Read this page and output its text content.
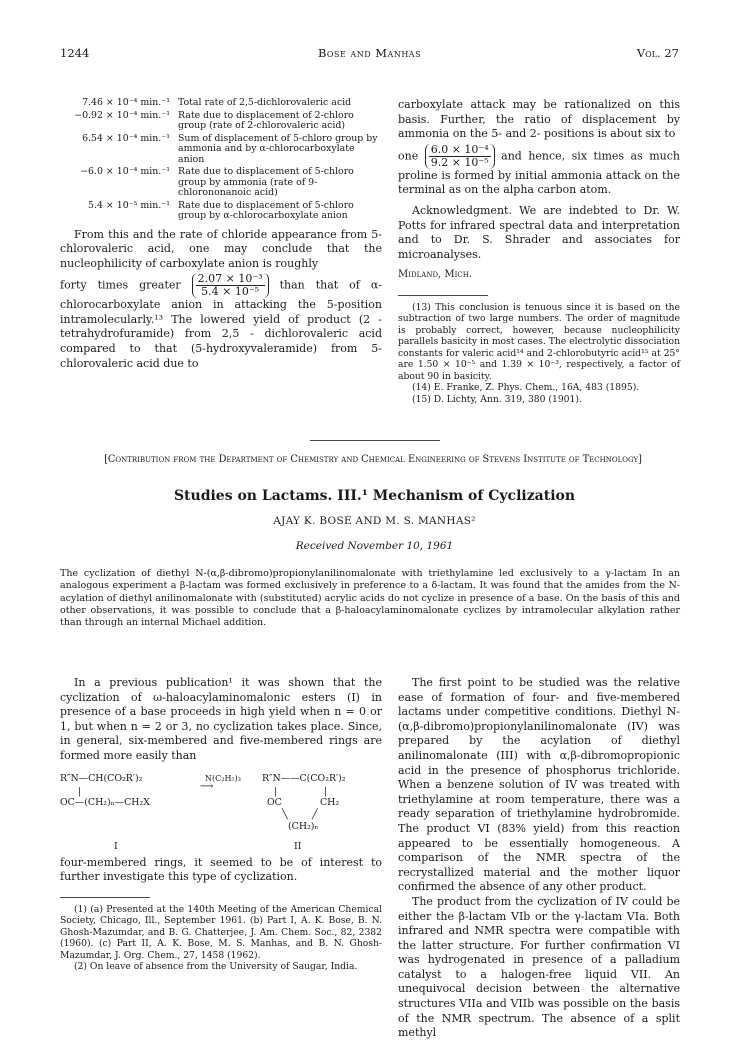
1244	Bose and Manhas	Vol. 27
7.46 × 10⁻⁴ min.⁻¹ Total rate of 2,5-dichlorovaleric acid
−0.92 × 10⁻⁴ min.⁻¹ Rate due to displacement of 2-chloro group (rate of 2-chlorovaleric acid)
6.54 × 10⁻⁴ min.⁻¹ Sum of displacement of 5-chloro group by ammonia and by α-chlorocarboxylate anion
−6.0 × 10⁻⁴ min.⁻¹ Rate due to displacement of 5-chloro group by ammonia (rate of 9-chlorononanoic acid)
5.4 × 10⁻⁵ min.⁻¹ Rate due to displacement of 5-chloro group by α-chlorocarboxylate anion

From this and the rate of chloride appearance from 5-chlorovaleric acid, one may conclude that the nucleophilicity of carboxylate anion is roughly

forty times greater $\frac{\text{2.07 × 10⁻³}}{\text{5.4 × 10⁻⁵}}$ than that of α-chlorocarboxylate anion in attacking the 5-position intramolecularly.¹³ The lowered yield of product (2 - tetrahydrofuramide) from 2,5 - dichlorovaleric acid compared to that (5-hydroxyvaleramide) from 5-chlorovaleric acid due to

carboxylate attack may be rationalized on this basis. Further, the ratio of displacement by ammonia on the 5- and 2- positions is about six to

one $\frac{\text{6.0 × 10⁻⁴}}{\text{9.2 × 10⁻⁵}}$ and hence, six times as much proline is formed by initial ammonia attack on the terminal as on the alpha carbon atom.

Acknowledgment. We are indebted to Dr. W. Potts for infrared spectral data and interpretation and to Dr. S. Shrader and associates for microanalyses.

Midland, Mich.

(13) This conclusion is tenuous since it is based on the subtraction of two large numbers. The order of magnitude is probably correct, however, because nucleophilicity parallels basicity in most cases. The electrolytic dissociation constants for valeric acid¹⁴ and 2-chlorobutyric acid¹⁵ at 25° are 1.50 × 10⁻⁵ and 1.39 × 10⁻³, respectively, a factor of about 90 in basicity.

(14) E. Franke, Z. Phys. Chem., 16A, 483 (1895).

(15) D. Lichty, Ann. 319, 380 (1901).

[Contribution from the Department of Chemistry and Chemical Engineering of Stevens Institute of Technology]
Studies on Lactams. III.¹ Mechanism of Cyclization
AJAY K. BOSE AND M. S. MANHAS²
Received November 10, 1961
The cyclization of diethyl N-(α,β-dibromo)propionylanilinomalonate with triethylamine led exclusively to a γ-lactam In an analogous experiment a β-lactam was formed exclusively in preference to a δ-lactam. It was found that the amides from the N-acylation of diethyl anilinomalonate with (substituted) acrylic acids do not cyclize in presence of a base. On the basis of this and other observations, it was possible to conclude that a β-haloacylaminomalonate cyclizes by intramolecular alkylation rather than through an internal Michael addition.

In a previous publication¹ it was shown that the cyclization of ω-haloacylaminomalonic esters (I) in presence of a base proceeds in high yield when n = 0 or 1, but when n = 2 or 3, no cyclization takes place. Since, in general, six-membered and five-membered rings are formed more easily than

R″N—CH(CO₂R′)₂
|
OC—(CH₂)ₙ—CH₂X
N(C₂H₅)₃
⟶
R″N——C(CO₂R′)₂
|	|
OC	CH₂
╲	╱
(CH₂)ₙ
I	II

four-membered rings, it seemed to be of interest to further investigate this type of cyclization.

(1) (a) Presented at the 140th Meeting of the American Chemical Society, Chicago, Ill., September 1961. (b) Part I, A. K. Bose, B. N. Ghosh-Mazumdar, and B. G. Chatterjee, J. Am. Chem. Soc., 82, 2382 (1960). (c) Part II, A. K. Bose, M. S. Manhas, and B. N. Ghosh-Mazumdar, J. Org. Chem., 27, 1458 (1962).

(2) On leave of absence from the University of Saugar, India.

The first point to be studied was the relative ease of formation of four- and five-membered lactams under competitive conditions. Diethyl N-(α,β-dibromo)propionylanilinomalonate (IV) was prepared by the acylation of diethyl anilinomalonate (III) with α,β-dibromopropionic acid in the presence of phosphorus trichloride. When a benzene solution of IV was treated with triethylamine at room temperature, there was a ready separation of triethylamine hydrobromide. The product VI (83% yield) from this reaction appeared to be essentially homogeneous. A comparison of the NMR spectra of the recrystallized material and the mother liquor confirmed the absence of any other product.

The product from the cyclization of IV could be either the β-lactam VIb or the γ-lactam VIa. Both infrared and NMR spectra were compatible with the latter structure. For further confirmation VI was hydrogenated in presence of a palladium catalyst to a halogen-free liquid VII. An unequivocal decision between the alternative structures VIIa and VIIb was possible on the basis of the NMR spectrum. The absence of a split methyl
